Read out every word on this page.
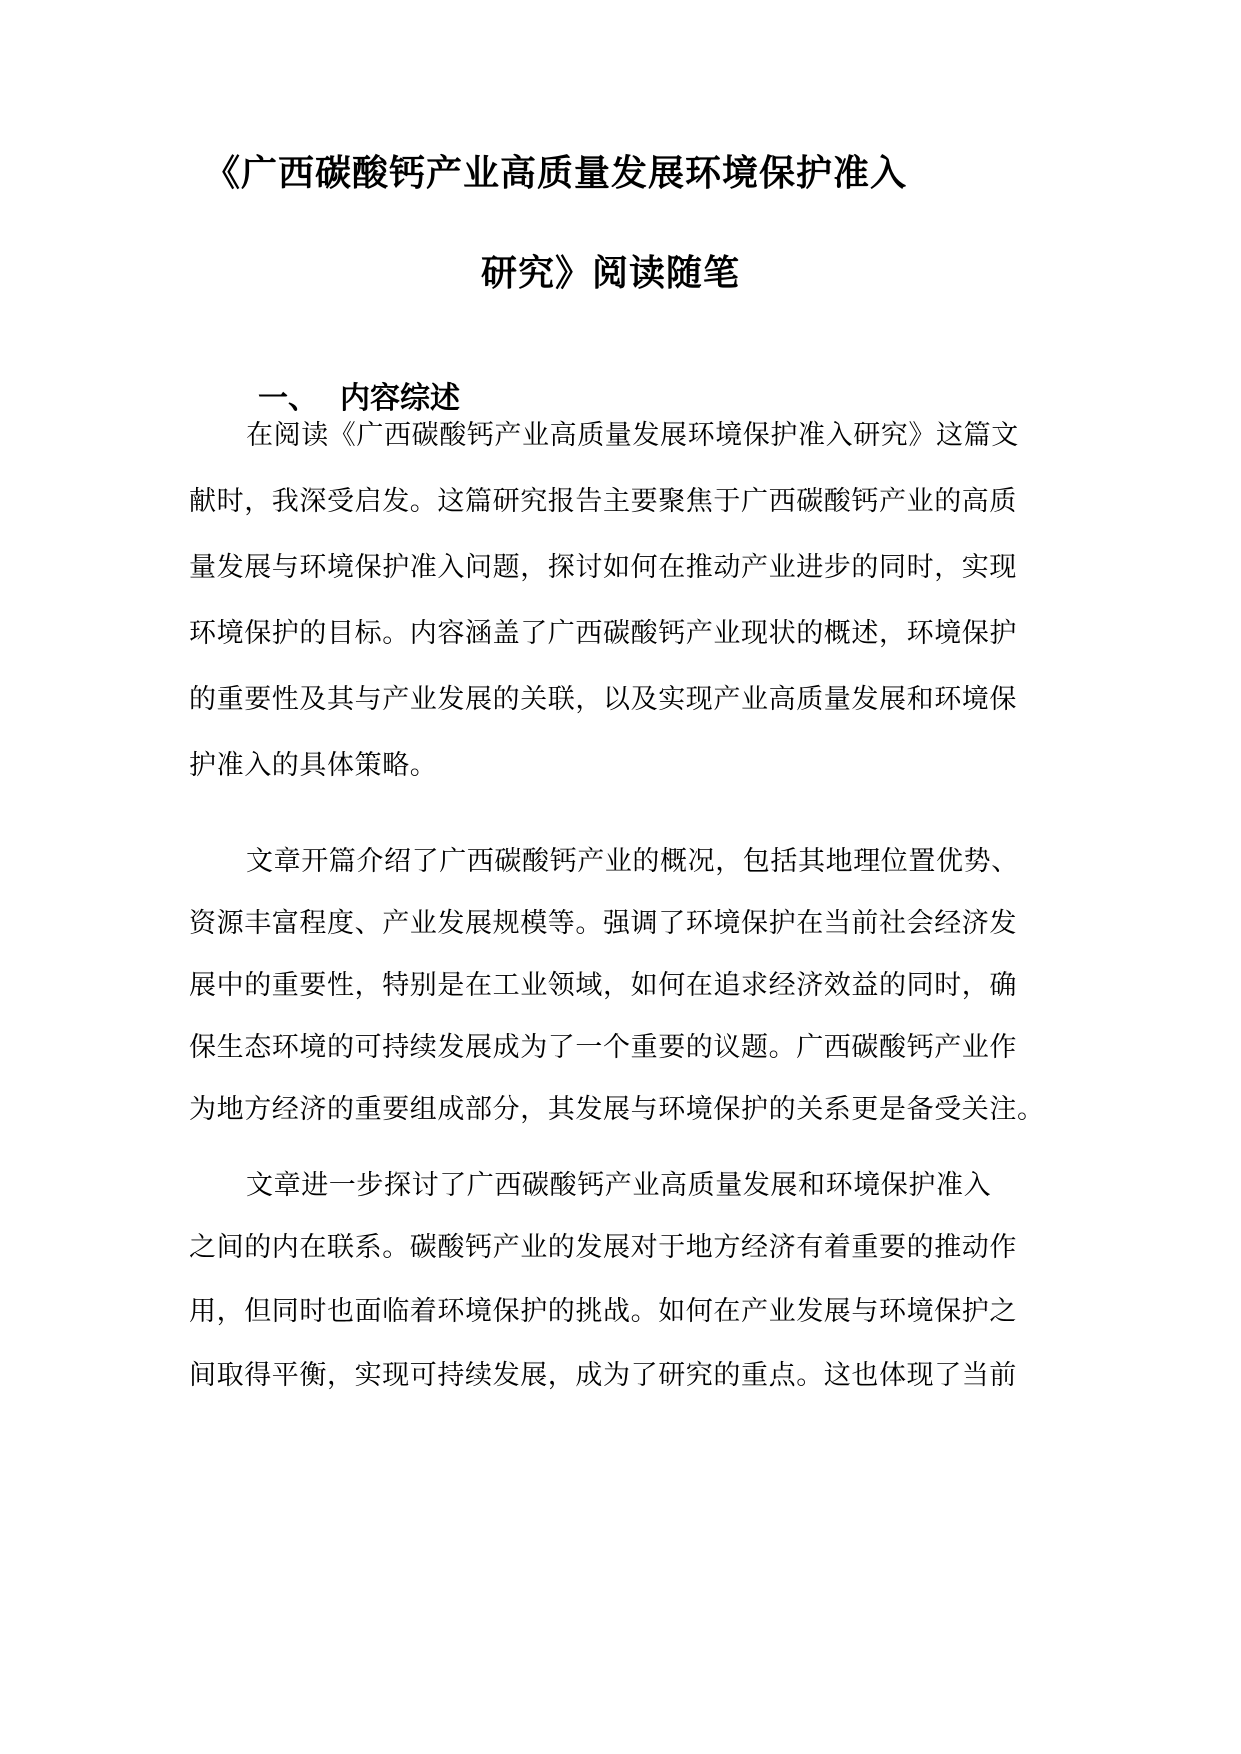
《广西碳酸钙产业高质量发展环境保护准入
研究》阅读随笔
一、 内容综述
在阅读《广西碳酸钙产业高质量发展环境保护准入研究》这篇文
献时，我深受启发。这篇研究报告主要聚焦于广西碳酸钙产业的高质
量发展与环境保护准入问题，探讨如何在推动产业进步的同时，实现
环境保护的目标。内容涵盖了广西碳酸钙产业现状的概述，环境保护
的重要性及其与产业发展的关联，以及实现产业高质量发展和环境保
护准入的具体策略。
文章开篇介绍了广西碳酸钙产业的概况，包括其地理位置优势、
资源丰富程度、产业发展规模等。强调了环境保护在当前社会经济发
展中的重要性，特别是在工业领域，如何在追求经济效益的同时，确
保生态环境的可持续发展成为了一个重要的议题。广西碳酸钙产业作
为地方经济的重要组成部分，其发展与环境保护的关系更是备受关注。
文章进一步探讨了广西碳酸钙产业高质量发展和环境保护准入
之间的内在联系。碳酸钙产业的发展对于地方经济有着重要的推动作
用，但同时也面临着环境保护的挑战。如何在产业发展与环境保护之
间取得平衡，实现可持续发展，成为了研究的重点。这也体现了当前
